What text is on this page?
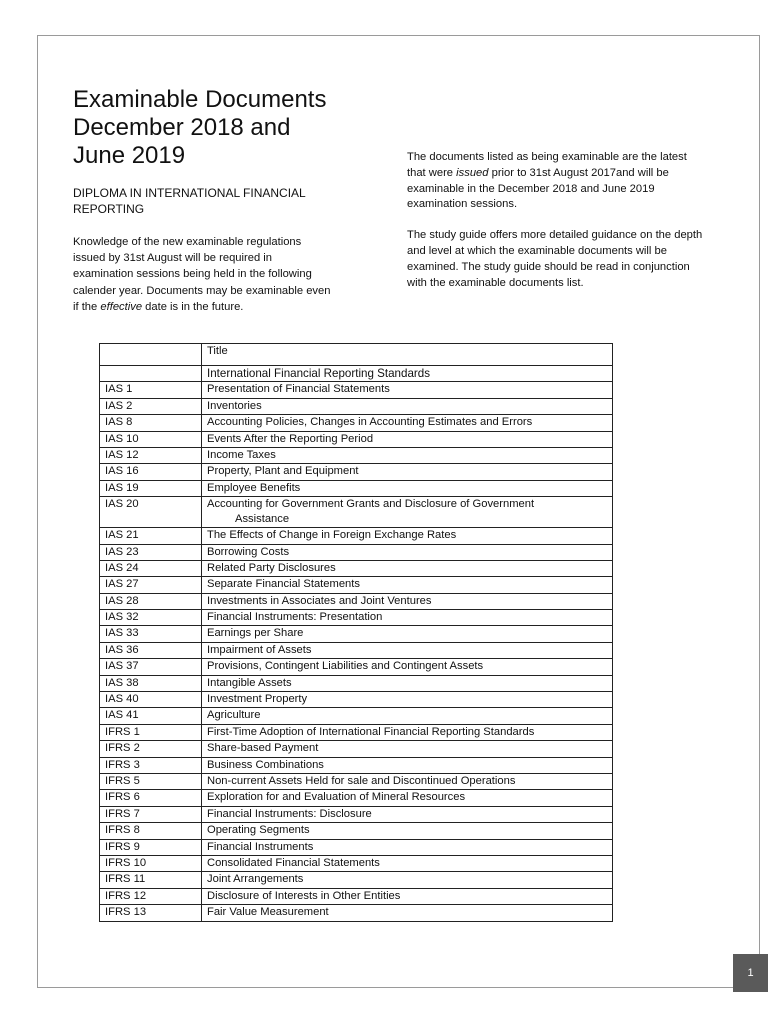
Examinable Documents
December 2018 and
June 2019
DIPLOMA IN INTERNATIONAL FINANCIAL REPORTING

Knowledge of the new examinable regulations issued by 31st August will be required in examination sessions being held in the following calender year. Documents may be examinable even if the effective date is in the future.

The documents listed as being examinable are the latest that were issued prior to 31st August 2017and will be examinable in the December 2018 and June 2019 examination sessions.

The study guide offers more detailed guidance on the depth and level at which the examinable documents will be examined. The study guide should be read in conjunction with the examinable documents list.

	Title
	International Financial Reporting Standards
IAS 1	Presentation of Financial Statements
IAS 2	Inventories
IAS 8	Accounting Policies, Changes in Accounting Estimates and Errors
IAS 10	Events After the Reporting Period
IAS 12	Income Taxes
IAS 16	Property, Plant and Equipment
IAS 19	Employee Benefits
IAS 20	Accounting for Government Grants and Disclosure of Government
Assistance

IAS 21	The Effects of Change in Foreign Exchange Rates
IAS 23	Borrowing Costs
IAS 24	Related Party Disclosures
IAS 27	Separate Financial Statements
IAS 28	Investments in Associates and Joint Ventures
IAS 32	Financial Instruments: Presentation
IAS 33	Earnings per Share
IAS 36	Impairment of Assets
IAS 37	Provisions, Contingent Liabilities and Contingent Assets
IAS 38	Intangible Assets
IAS 40	Investment Property
IAS 41	Agriculture
IFRS 1	First-Time Adoption of International Financial Reporting Standards
IFRS 2	Share-based Payment
IFRS 3	Business Combinations
IFRS 5	Non-current Assets Held for sale and Discontinued Operations
IFRS 6	Exploration for and Evaluation of Mineral Resources
IFRS 7	Financial Instruments: Disclosure
IFRS 8	Operating Segments
IFRS 9	Financial Instruments
IFRS 10	Consolidated Financial Statements
IFRS 11	Joint Arrangements
IFRS 12	Disclosure of Interests in Other Entities
IFRS 13	Fair Value Measurement
1
